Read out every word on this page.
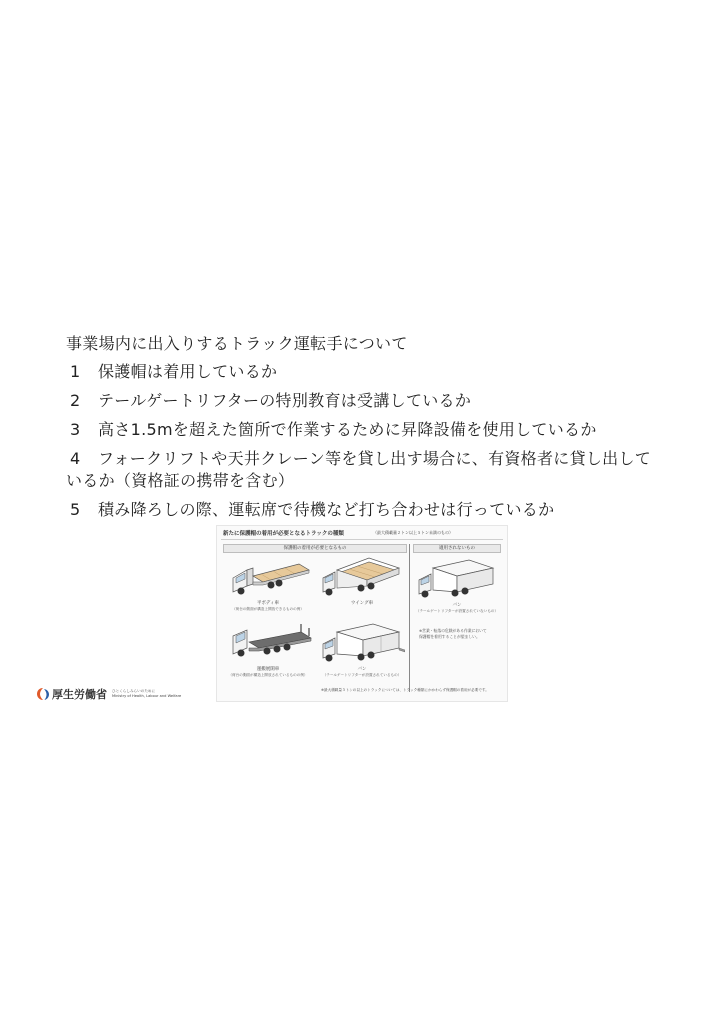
事業場内に出入りするトラック運転手について

1	保護帽は着用しているか
2	テールゲートリフターの特別教育は受講しているか
3	高さ1.5mを超えた箇所で作業するために昇降設備を使用しているか
4 フォークリフトや天井クレーン等を貸し出す場合に、有資格者に貸し出しているか（資格証の携帯を含む）
5	積み降ろしの際、運転席で待機など打ち合わせは行っているか
新たに保護帽の着用が必要となるトラックの種類	（最大積載量２トン以上５トン未満のもの）
保護帽の着用が必要となるもの
平ボディ車
（荷台の側面が構造上開放できるものの例）
ウイング車
運搬展開車
（荷台の側面が構造上開放されているものの例）
バン
（テールゲートリフターが設置されているもの）
適用されないもの
バン
（テールゲートリフターが設置されていないもの）
※営業・転落の危険がある作業において
保護帽を着用することが望ましい。
※最大積載量５トンの以上のトラックについては、トラック種類にかかわらず保護帽の着用が必要です。
厚生労働省 ひとくらしみらいのために
Ministry of Health, Labour and Welfare
